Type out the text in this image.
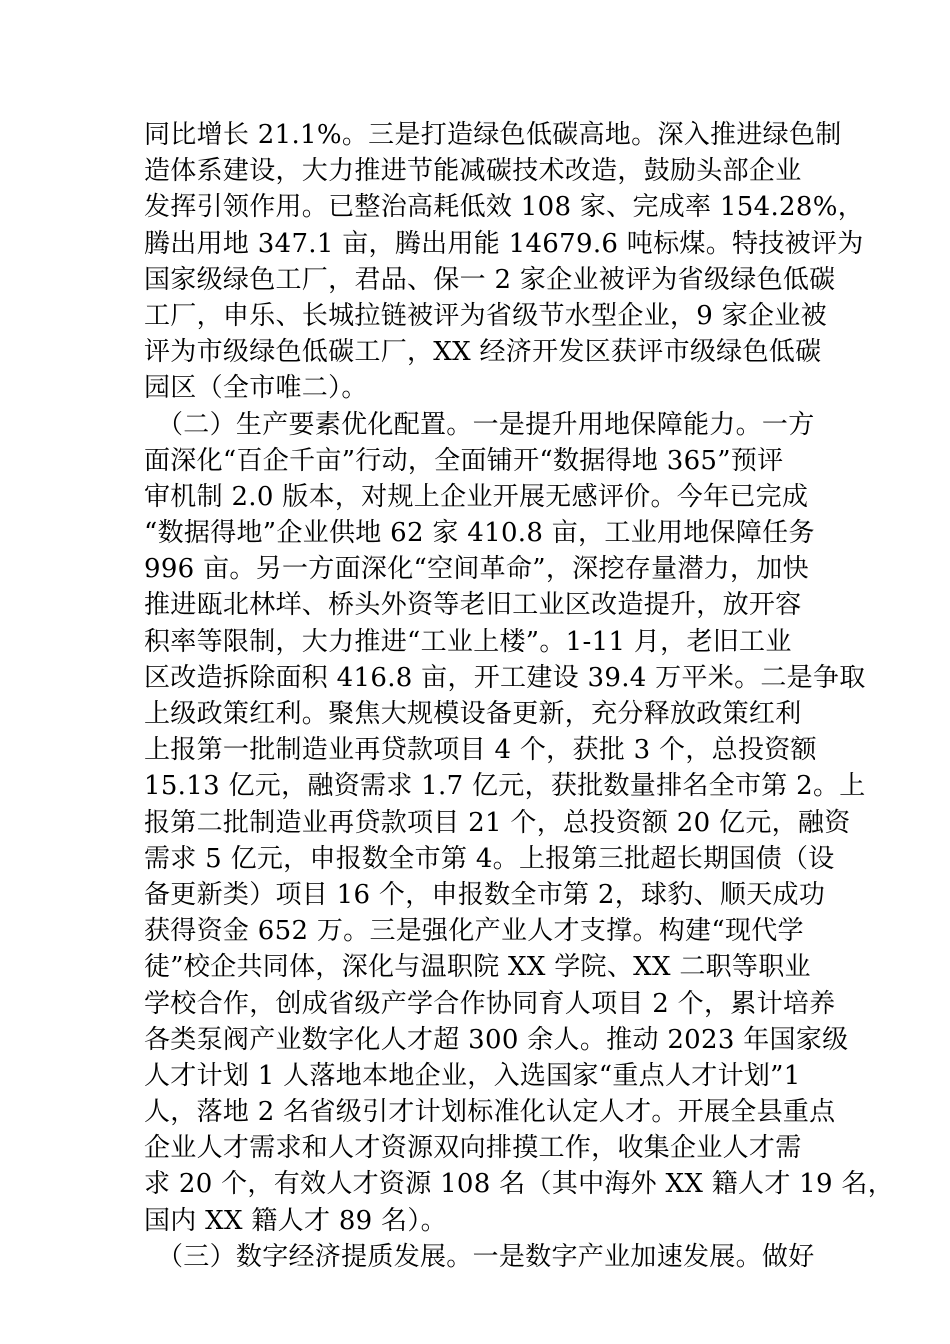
同比增长 21.1%。三是打造绿色低碳高地。深入推进绿色制
造体系建设，大力推进节能减碳技术改造，鼓励头部企业
发挥引领作用。已整治高耗低效 108 家、完成率 154.28%，
腾出用地 347.1 亩，腾出用能 14679.6 吨标煤。特技被评为
国家级绿色工厂，君品、保一 2 家企业被评为省级绿色低碳
工厂，申乐、长城拉链被评为省级节水型企业，9 家企业被
评为市级绿色低碳工厂，XX 经济开发区获评市级绿色低碳
园区（全市唯二）。
（二）生产要素优化配置。一是提升用地保障能力。一方
面深化“百企千亩”行动，全面铺开“数据得地 365”预评
审机制 2.0 版本，对规上企业开展无感评价。今年已完成
“数据得地”企业供地 62 家 410.8 亩，工业用地保障任务
996 亩。另一方面深化“空间革命”，深挖存量潜力，加快
推进瓯北林垟、桥头外资等老旧工业区改造提升，放开容
积率等限制，大力推进“工业上楼”。1-11 月，老旧工业
区改造拆除面积 416.8 亩，开工建设 39.4 万平米。二是争取
上级政策红利。聚焦大规模设备更新，充分释放政策红利
上报第一批制造业再贷款项目 4 个，获批 3 个，总投资额
15.13 亿元，融资需求 1.7 亿元，获批数量排名全市第 2。上
报第二批制造业再贷款项目 21 个，总投资额 20 亿元，融资
需求 5 亿元，申报数全市第 4。上报第三批超长期国债（设
备更新类）项目 16 个，申报数全市第 2，球豹、顺天成功
获得资金 652 万。三是强化产业人才支撑。构建“现代学
徒”校企共同体，深化与温职院 XX 学院、XX 二职等职业
学校合作，创成省级产学合作协同育人项目 2 个，累计培养
各类泵阀产业数字化人才超 300 余人。推动 2023 年国家级
人才计划 1 人落地本地企业，入选国家“重点人才计划”1
人，落地 2 名省级引才计划标准化认定人才。开展全县重点
企业人才需求和人才资源双向排摸工作，收集企业人才需
求 20 个，有效人才资源 108 名（其中海外 XX 籍人才 19 名，
国内 XX 籍人才 89 名）。
（三）数字经济提质发展。一是数字产业加速发展。做好
